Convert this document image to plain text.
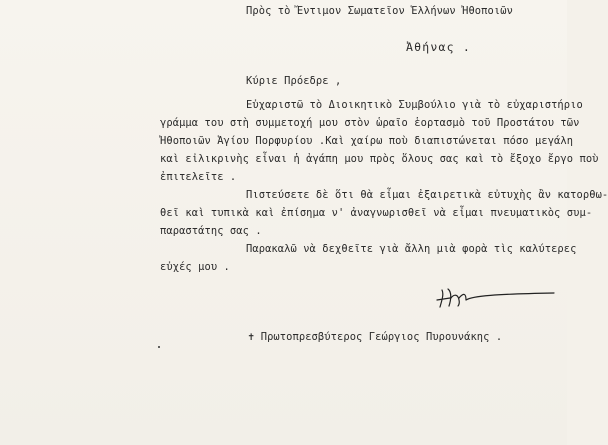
Πρὸς τὸ Ἔντιμον Σωματεῖον Ἑλλήνων Ἠθοποιῶν
Ἀθήνας .
Κύριε Πρόεδρε ,
Εὐχαριστῶ τὸ Διοικητικὸ Συμβούλιο γιὰ τὸ εὐχαριστήριο
γράμμα του στὴ συμμετοχή μου στὸν ὡραῖο ἑορτασμὸ τοῦ Προστάτου τῶν
Ἠθοποιῶν Ἁγίου Πορφυρίου .Καὶ χαίρω ποὺ διαπιστώνεται πόσο μεγάλη
καὶ εἰλικρινὴς εἶναι ἡ ἀγάπη μου πρὸς ὅλους σας καὶ τὸ ἔξοχο ἔργο ποὺ
ἐπιτελεῖτε .
Πιστεύσετε δὲ ὅτι θὰ εἶμαι ἐξαιρετικὰ εὐτυχὴς ἂν κατορθω-
θεῖ καὶ τυπικὰ καὶ ἐπίσημα ν' ἀναγνωρισθεῖ νὰ εἶμαι πνευματικὸς συμ-
παραστάτης σας .
Παρακαλῶ νὰ δεχθεῖτε γιὰ ἄλλη μιὰ φορὰ τὶς καλύτερες
εὐχές μου .
✝ Πρωτοπρεσβύτερος Γεώργιος Πυρουνάκης .
